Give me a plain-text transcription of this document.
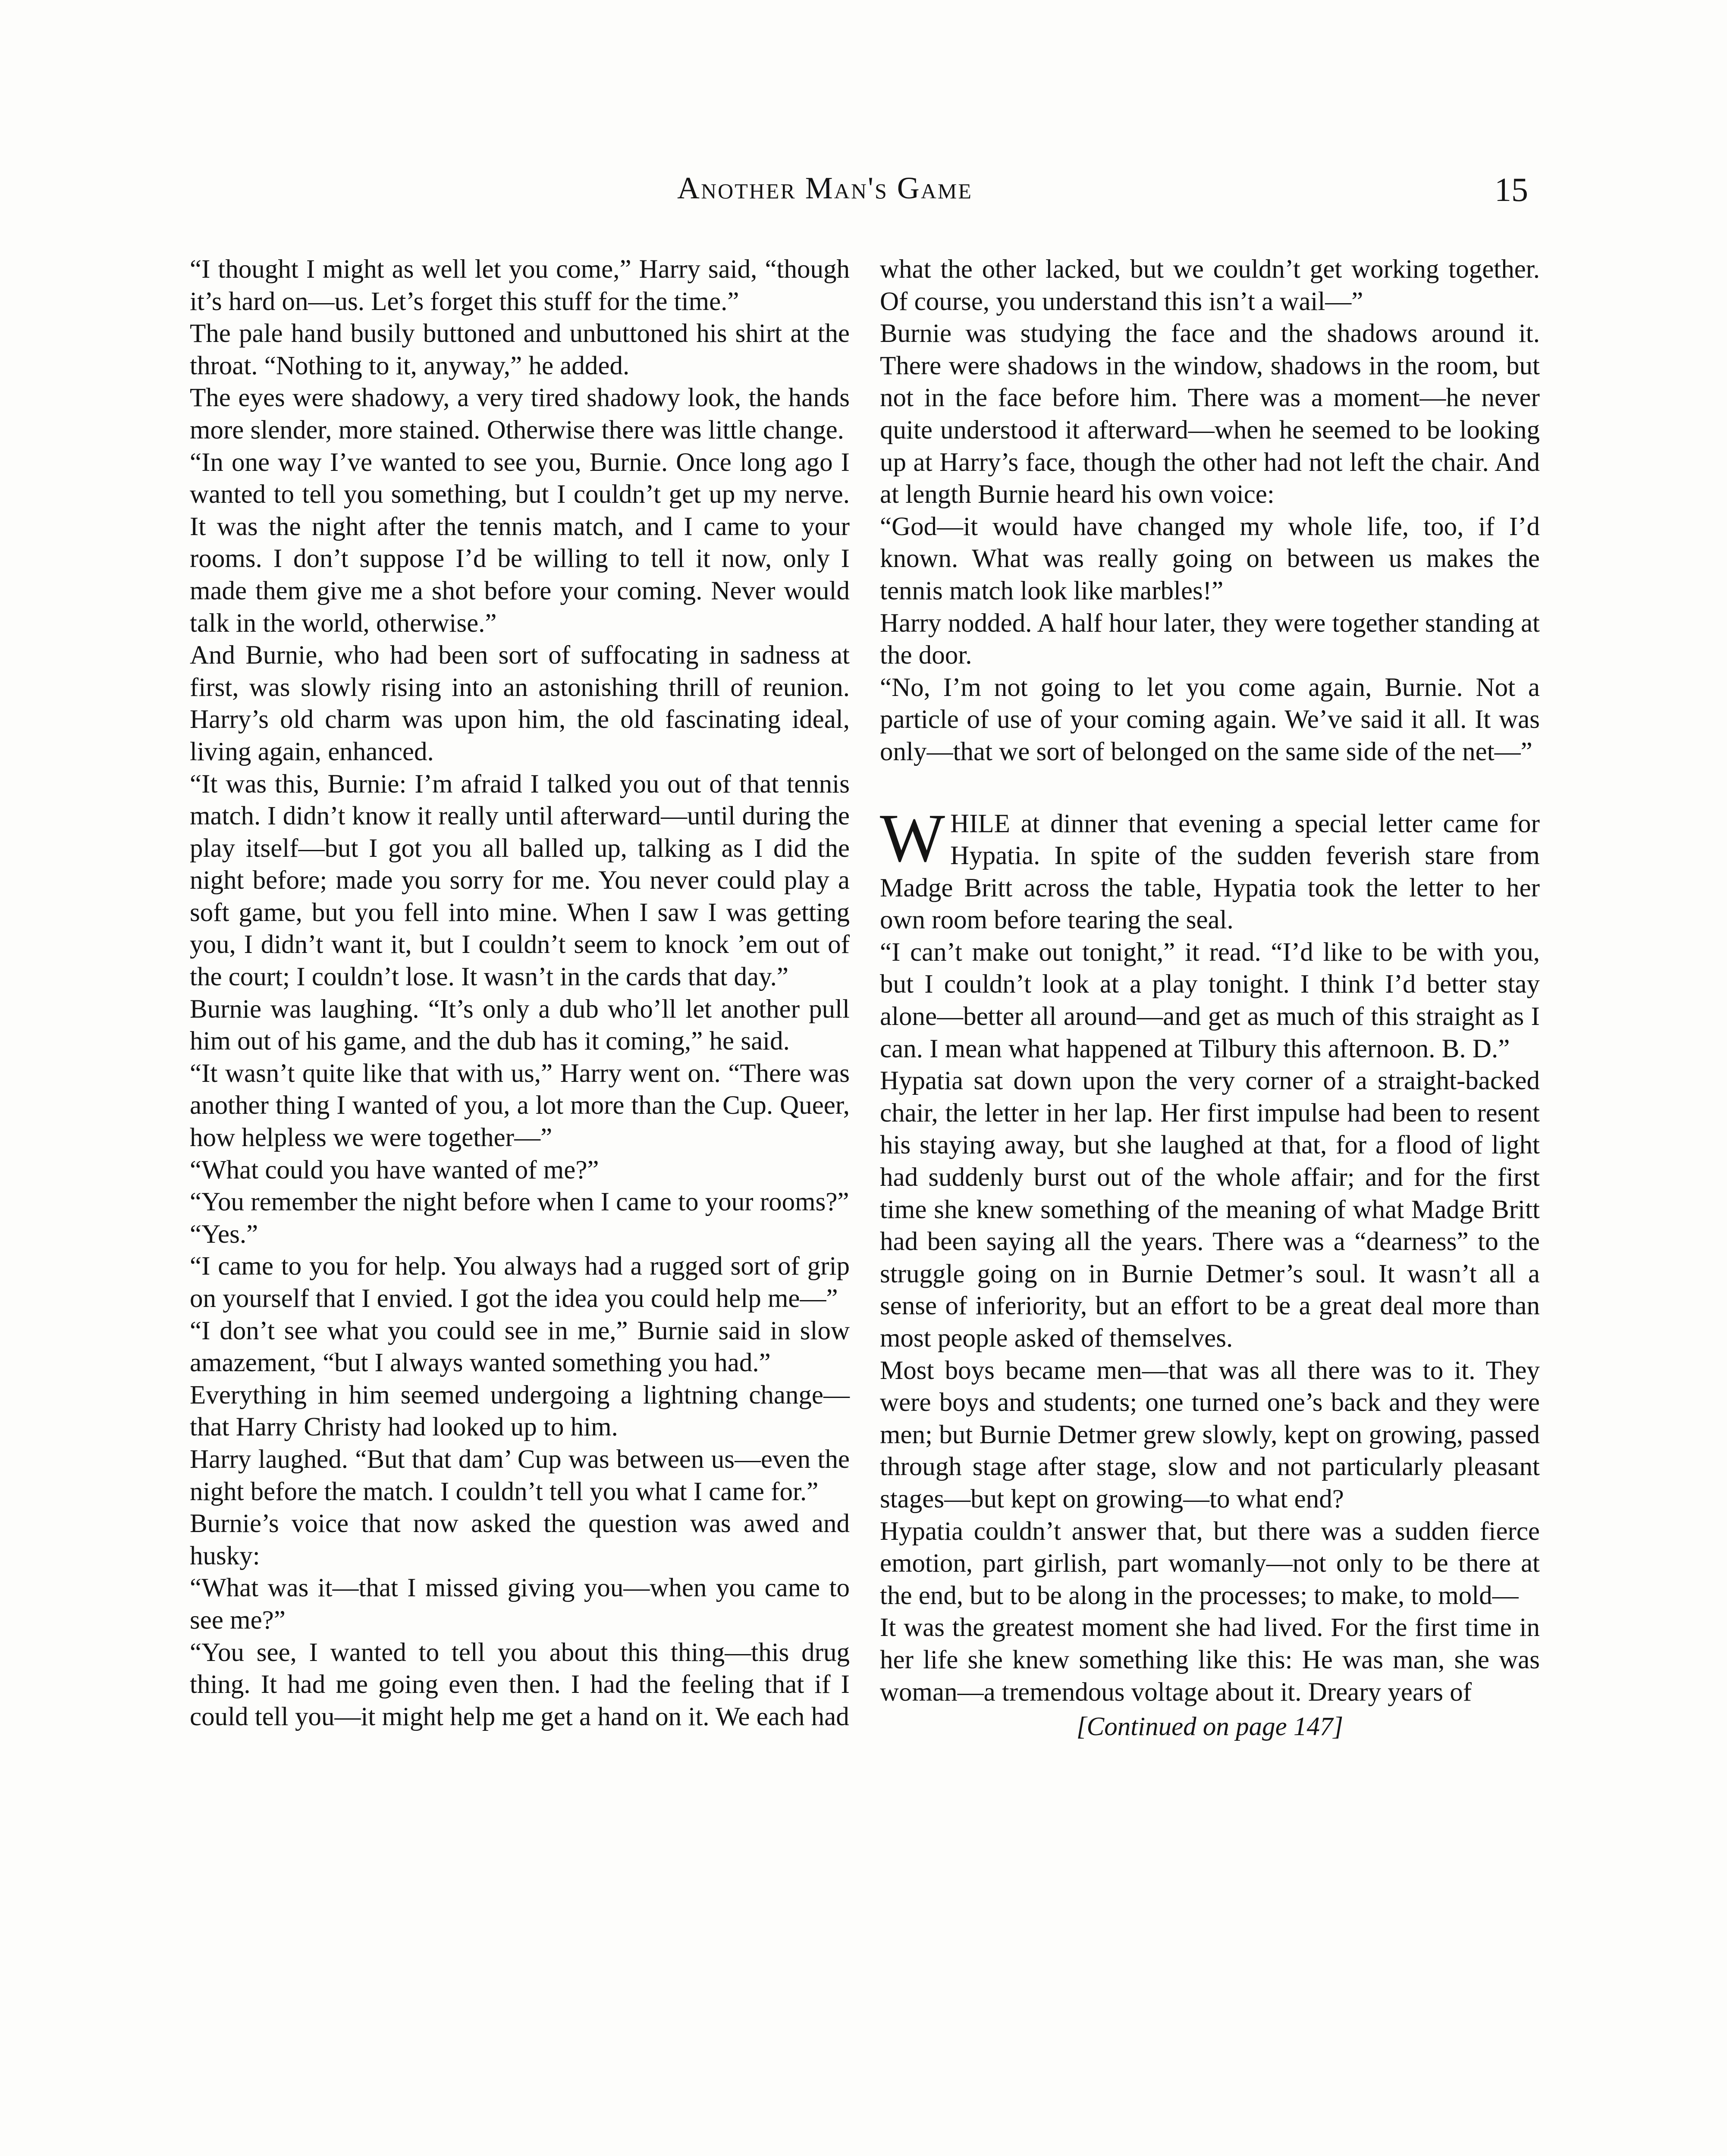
Another Man's Game	15

“I thought I might as well let you come,” Harry said, “though it’s hard on—us. Let’s forget this stuff for the time.”

The pale hand busily buttoned and unbuttoned his shirt at the throat. “Nothing to it, anyway,” he added.

The eyes were shadowy, a very tired shadowy look, the hands more slender, more stained. Otherwise there was little change.

“In one way I’ve wanted to see you, Burnie. Once long ago I wanted to tell you something, but I couldn’t get up my nerve. It was the night after the tennis match, and I came to your rooms. I don’t suppose I’d be willing to tell it now, only I made them give me a shot before your coming. Never would talk in the world, otherwise.”

And Burnie, who had been sort of suffocating in sadness at first, was slowly rising into an astonishing thrill of reunion. Harry’s old charm was upon him, the old fascinating ideal, living again, enhanced.

“It was this, Burnie: I’m afraid I talked you out of that tennis match. I didn’t know it really until afterward—until during the play itself—but I got you all balled up, talking as I did the night before; made you sorry for me. You never could play a soft game, but you fell into mine. When I saw I was getting you, I didn’t want it, but I couldn’t seem to knock ’em out of the court; I couldn’t lose. It wasn’t in the cards that day.”

Burnie was laughing. “It’s only a dub who’ll let another pull him out of his game, and the dub has it coming,” he said.

“It wasn’t quite like that with us,” Harry went on. “There was another thing I wanted of you, a lot more than the Cup. Queer, how helpless we were together—”

“What could you have wanted of me?”

“You remember the night before when I came to your rooms?”

“Yes.”

“I came to you for help. You always had a rugged sort of grip on yourself that I envied. I got the idea you could help me—”

“I don’t see what you could see in me,” Burnie said in slow amazement, “but I always wanted something you had.”

Everything in him seemed undergoing a lightning change—that Harry Christy had looked up to him.

Harry laughed. “But that dam’ Cup was between us—even the night before the match. I couldn’t tell you what I came for.”

Burnie’s voice that now asked the question was awed and husky:

“What was it—that I missed giving you—when you came to see me?”

“You see, I wanted to tell you about this thing—this drug thing. It had me going even then. I had the feeling that if I could tell you—it might help me get a hand on it. We each had

what the other lacked, but we couldn’t get working together. Of course, you understand this isn’t a wail—”

Burnie was studying the face and the shadows around it. There were shadows in the window, shadows in the room, but not in the face before him. There was a moment—he never quite understood it afterward—when he seemed to be looking up at Harry’s face, though the other had not left the chair. And at length Burnie heard his own voice:

“God—it would have changed my whole life, too, if I’d known. What was really going on between us makes the tennis match look like marbles!”

Harry nodded. A half hour later, they were together standing at the door.

“No, I’m not going to let you come again, Burnie. Not a particle of use of your coming again. We’ve said it all. It was only—that we sort of belonged on the same side of the net—”

WHILE at dinner that evening a special letter came for Hypatia. In spite of the sudden feverish stare from Madge Britt across the table, Hypatia took the letter to her own room before tearing the seal.

“I can’t make out tonight,” it read. “I’d like to be with you, but I couldn’t look at a play tonight. I think I’d better stay alone—better all around—and get as much of this straight as I can. I mean what happened at Tilbury this afternoon. B. D.”

Hypatia sat down upon the very corner of a straight-backed chair, the letter in her lap. Her first impulse had been to resent his staying away, but she laughed at that, for a flood of light had suddenly burst out of the whole affair; and for the first time she knew something of the meaning of what Madge Britt had been saying all the years. There was a “dearness” to the struggle going on in Burnie Detmer’s soul. It wasn’t all a sense of inferiority, but an effort to be a great deal more than most people asked of themselves.

Most boys became men—that was all there was to it. They were boys and students; one turned one’s back and they were men; but Burnie Detmer grew slowly, kept on growing, passed through stage after stage, slow and not particularly pleasant stages—but kept on growing—to what end?

Hypatia couldn’t answer that, but there was a sudden fierce emotion, part girlish, part womanly—not only to be there at the end, but to be along in the processes; to make, to mold—

It was the greatest moment she had lived. For the first time in her life she knew something like this: He was man, she was woman—a tremendous voltage about it. Dreary years of

[Continued on page 147]
